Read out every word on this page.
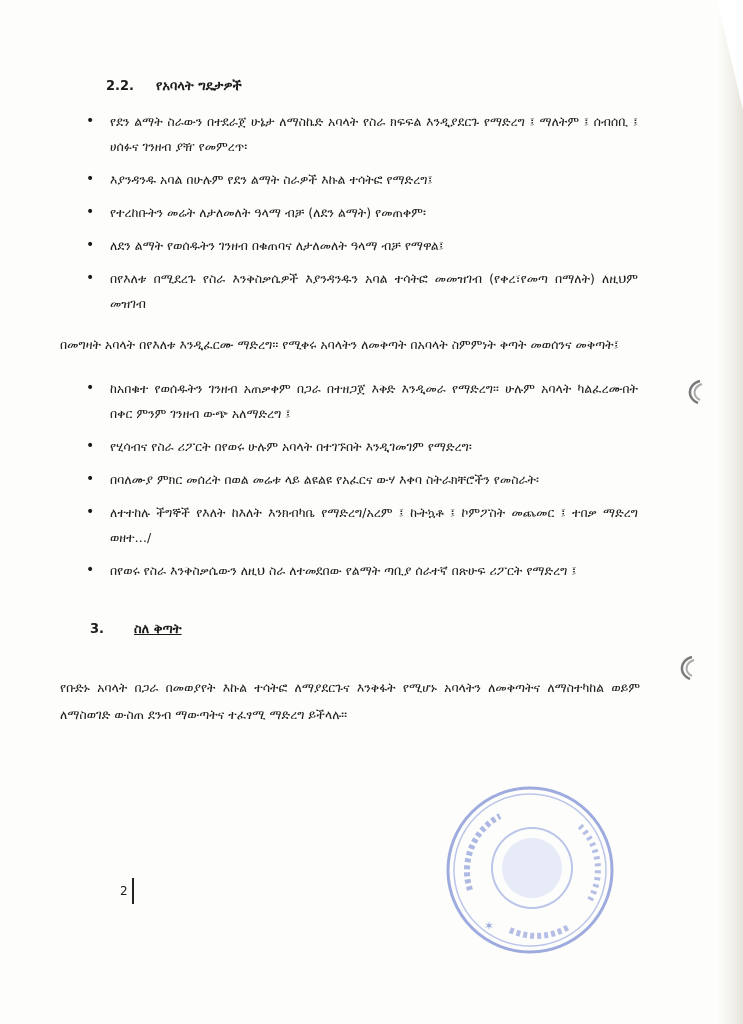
2.2. የአባላት ግዴታዎች
• የደን ልማት ስራውን በተደራጀ ሁኔታ ለማስኬድ አባላት የስራ ክፍፍል እንዲያደርጉ የማድረግ ፤ ማለትም ፤ ሰብሰቢ ፤ ሀሰፉና ገንዘብ ያዥ የመምረጥ፡
• እያንዳንዱ አባል በሁሉም የደን ልማት ስራዎች እኩል ተሳትፎ የማድረግ፤
• የተረከቡትን መሬት ለታለመለት ዓላማ ብቻ (ለደን ልማት) የመጠቀም፡
• ለደን ልማት የወሰዱትን ገንዘብ በቁጠባና ለታለመለት ዓላማ ብቻ የማዋል፤
• በየእለቱ በሚደረጉ የስራ እንቅስቃሴዎች እያንዳንዱን አባል ተሳትፎ መመዝገብ (የቀረ፣የመጣ በማለት) ለዚህም መዝገብ

በመግዛት አባላት በየእለቱ እንዲፈርሙ ማድረግ፡፡ የሚቀሩ አባላትን ለመቅጣት በአባላት ስምምነት ቅጣት መወሰንና መቅጣት፤

• ከአበቁተ የወሰዱትን ገንዘብ አጠቃቀም በጋራ በተዘጋጀ እቅድ እንዲመራ የማድረግ፡፡ ሁሉም አባላት ካልፈረሙበት በቀር ምንም ገንዘብ ውጭ አለማድረግ ፤
• የሂሳብና የስራ ሪፖርት በየወሩ ሁሉም አባላት በተገኙበት እንዲገመገም የማድረግ፡
• በባለሙያ ምክር መሰረት በወል መሬቱ ላይ ልዩልዩ የአፈርና ውሃ እቀባ ስትራክቸሮችን የመስራት፡
• ለተተከሉ ችግኞች የእለት ከእለት እንክብካቤ የማድረግ/አረም ፤ ኩትኳቶ ፤ ኮምፖስት መጨመር ፤ ተበቃ ማድረግ ወዘተ…/
• በየወሩ የስራ እንቅስቃሴውን ለዚህ ስራ ለተመደበው የልማት ጣቢያ ሰራተኛ በጽሁፍ ሪፖርት የማድረግ ፤
3. ስለ ቅጣት

የቡድኑ አባላት በጋራ በመወያየት እኩል ተሳትፎ ለማያደርጉና እንቅፋት የሚሆኑ አባላትን ለመቅጣትና ለማስተካከል ወይም ለማስወገድ ውስጠ ደንብ ማውጣትና ተፈፃሚ ማድረግ ይችላሉ፡፡

2
✶
